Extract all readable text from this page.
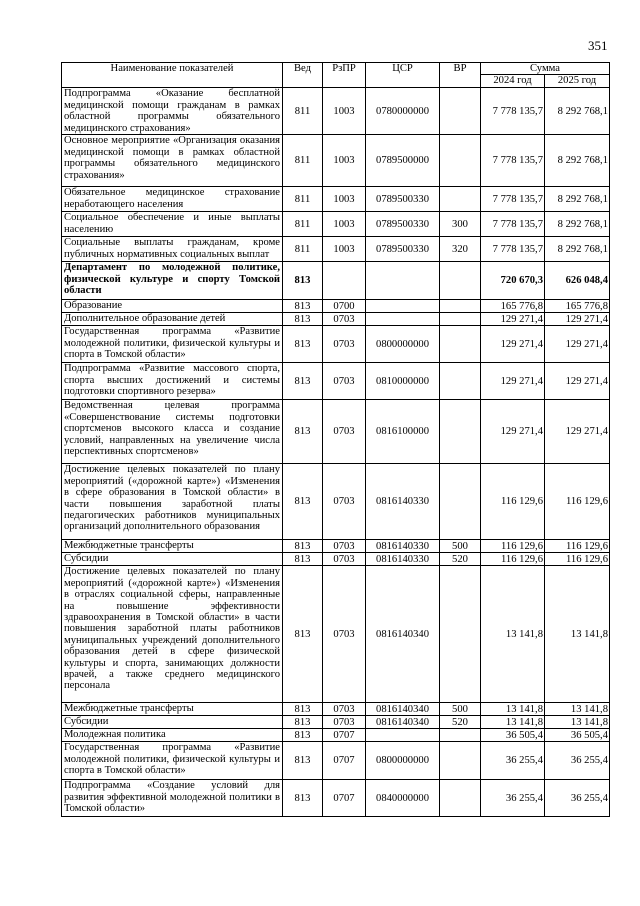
351
Наименование показателей	Вед	РзПР	ЦСР	ВР	Сумма	
					2024 год	2025 год
Подпрограмма «Оказание бесплатной медицинской помощи гражданам в рамках областной программы обязательного медицинского страхования»	811	1003	0780000000		7 778 135,7	8 292 768,1
Основное мероприятие «Организация оказания медицинской помощи в рамках областной программы обязательного медицинского страхования»	811	1003	0789500000		7 778 135,7	8 292 768,1
Обязательное медицинское страхование неработающего населения	811	1003	0789500330		7 778 135,7	8 292 768,1
Социальное обеспечение и иные выплаты населению	811	1003	0789500330	300	7 778 135,7	8 292 768,1
Социальные выплаты гражданам, кроме публичных нормативных социальных выплат	811	1003	0789500330	320	7 778 135,7	8 292 768,1
Департамент по молодежной политике, физической культуре и спорту Томской области	813				720 670,3	626 048,4
Образование	813	0700			165 776,8	165 776,8
Дополнительное образование детей	813	0703			129 271,4	129 271,4
Государственная программа «Развитие молодежной политики, физической культуры и спорта в Томской области»	813	0703	0800000000		129 271,4	129 271,4
Подпрограмма «Развитие массового спорта, спорта высших достижений и системы подготовки спортивного резерва»	813	0703	0810000000		129 271,4	129 271,4
Ведомственная целевая программа «Совершенствование системы подготовки спортсменов высокого класса и создание условий, направленных на увеличение числа перспективных спортсменов»	813	0703	0816100000		129 271,4	129 271,4
Достижение целевых показателей по плану мероприятий («дорожной карте») «Изменения в сфере образования в Томской области» в части повышения заработной платы педагогических работников муниципальных организаций дополнительного образования	813	0703	0816140330		116 129,6	116 129,6
Межбюджетные трансферты	813	0703	0816140330	500	116 129,6	116 129,6
Субсидии	813	0703	0816140330	520	116 129,6	116 129,6
Достижение целевых показателей по плану мероприятий («дорожной карте») «Изменения в отраслях социальной сферы, направленные на повышение эффективности здравоохранения в Томской области» в части повышения заработной платы работников муниципальных учреждений дополнительного образования детей в сфере физической культуры и спорта, занимающих должности врачей, а также среднего медицинского персонала	813	0703	0816140340		13 141,8	13 141,8
Межбюджетные трансферты	813	0703	0816140340	500	13 141,8	13 141,8
Субсидии	813	0703	0816140340	520	13 141,8	13 141,8
Молодежная политика	813	0707			36 505,4	36 505,4
Государственная программа «Развитие молодежной политики, физической культуры и спорта в Томской области»	813	0707	0800000000		36 255,4	36 255,4
Подпрограмма «Создание условий для развития эффективной молодежной политики в Томской области»	813	0707	0840000000		36 255,4	36 255,4
